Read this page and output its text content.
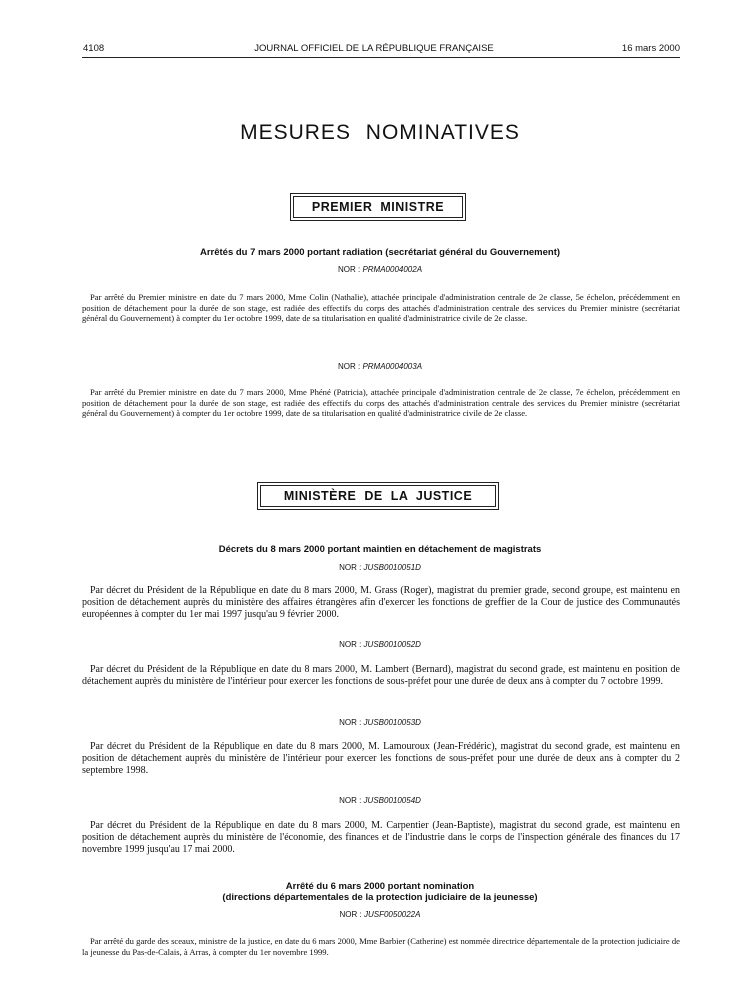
4108	JOURNAL OFFICIEL DE LA RÉPUBLIQUE FRANÇAISE	16 mars 2000
MESURES NOMINATIVES
PREMIER MINISTRE
Arrêtés du 7 mars 2000 portant radiation (secrétariat général du Gouvernement)
NOR : PRMA0004002A

Par arrêté du Premier ministre en date du 7 mars 2000, Mme Colin (Nathalie), attachée principale d'administration centrale de 2e classe, 5e échelon, précédemment en position de détachement pour la durée de son stage, est radiée des effectifs du corps des attachés d'administration centrale des services du Premier ministre (secrétariat général du Gouvernement) à compter du 1er octobre 1999, date de sa titularisation en qualité d'administratrice civile de 2e classe.

NOR : PRMA0004003A

Par arrêté du Premier ministre en date du 7 mars 2000, Mme Phéné (Patricia), attachée principale d'administration centrale de 2e classe, 7e échelon, précédemment en position de détachement pour la durée de son stage, est radiée des effectifs du corps des attachés d'administration centrale des services du Premier ministre (secrétariat général du Gouvernement) à compter du 1er octobre 1999, date de sa titularisation en qualité d'administratrice civile de 2e classe.

MINISTÈRE DE LA JUSTICE
Décrets du 8 mars 2000 portant maintien en détachement de magistrats
NOR : JUSB0010051D

Par décret du Président de la République en date du 8 mars 2000, M. Grass (Roger), magistrat du premier grade, second groupe, est maintenu en position de détachement auprès du ministère des affaires étrangères afin d'exercer les fonctions de greffier de la Cour de justice des Communautés européennes à compter du 1er mai 1997 jusqu'au 9 février 2000.

NOR : JUSB0010052D

Par décret du Président de la République en date du 8 mars 2000, M. Lambert (Bernard), magistrat du second grade, est maintenu en position de détachement auprès du ministère de l'intérieur pour exercer les fonctions de sous-préfet pour une durée de deux ans à compter du 7 octobre 1999.

NOR : JUSB0010053D

Par décret du Président de la République en date du 8 mars 2000, M. Lamouroux (Jean-Frédéric), magistrat du second grade, est maintenu en position de détachement auprès du ministère de l'intérieur pour exercer les fonctions de sous-préfet pour une durée de deux ans à compter du 2 septembre 1998.

NOR : JUSB0010054D

Par décret du Président de la République en date du 8 mars 2000, M. Carpentier (Jean-Baptiste), magistrat du second grade, est maintenu en position de détachement auprès du ministère de l'économie, des finances et de l'industrie dans le corps de l'inspection générale des finances du 17 novembre 1999 jusqu'au 17 mai 2000.

Arrêté du 6 mars 2000 portant nomination
(directions départementales de la protection judiciaire de la jeunesse)
NOR : JUSF0050022A

Par arrêté du garde des sceaux, ministre de la justice, en date du 6 mars 2000, Mme Barbier (Catherine) est nommée directrice départementale de la protection judiciaire de la jeunesse du Pas-de-Calais, à Arras, à compter du 1er novembre 1999.
